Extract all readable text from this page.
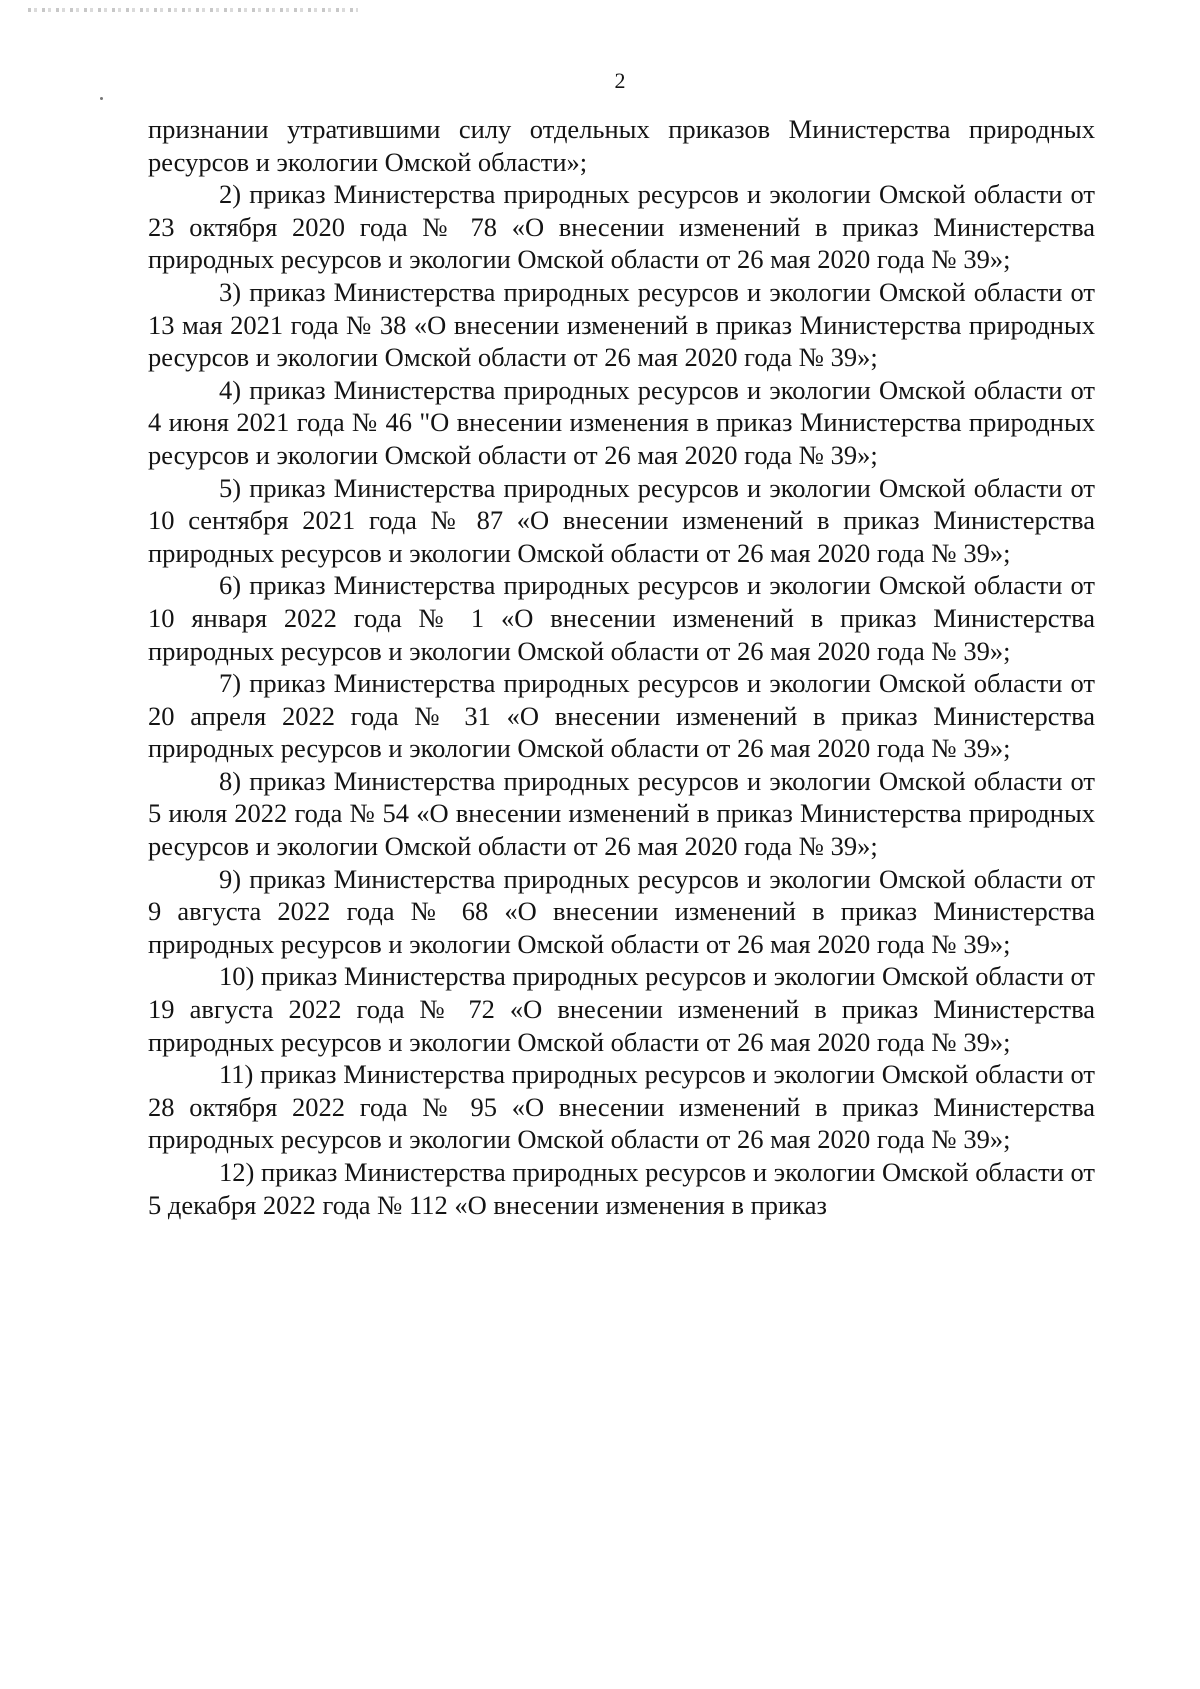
2

признании утратившими силу отдельных приказов Министерства природных ресурсов и экологии Омской области»;

2) приказ Министерства природных ресурсов и экологии Омской области от 23 октября 2020 года № 78 «О внесении изменений в приказ Министерства природных ресурсов и экологии Омской области от 26 мая 2020 года № 39»;

3) приказ Министерства природных ресурсов и экологии Омской области от 13 мая 2021 года № 38 «О внесении изменений в приказ Министерства природных ресурсов и экологии Омской области от 26 мая 2020 года № 39»;

4) приказ Министерства природных ресурсов и экологии Омской области от 4 июня 2021 года № 46 "О внесении изменения в приказ Министерства природных ресурсов и экологии Омской области от 26 мая 2020 года № 39»;

5) приказ Министерства природных ресурсов и экологии Омской области от 10 сентября 2021 года № 87 «О внесении изменений в приказ Министерства природных ресурсов и экологии Омской области от 26 мая 2020 года № 39»;

6) приказ Министерства природных ресурсов и экологии Омской области от 10 января 2022 года № 1 «О внесении изменений в приказ Министерства природных ресурсов и экологии Омской области от 26 мая 2020 года № 39»;

7) приказ Министерства природных ресурсов и экологии Омской области от 20 апреля 2022 года № 31 «О внесении изменений в приказ Министерства природных ресурсов и экологии Омской области от 26 мая 2020 года № 39»;

8) приказ Министерства природных ресурсов и экологии Омской области от 5 июля 2022 года № 54 «О внесении изменений в приказ Министерства природных ресурсов и экологии Омской области от 26 мая 2020 года № 39»;

9) приказ Министерства природных ресурсов и экологии Омской области от 9 августа 2022 года № 68 «О внесении изменений в приказ Министерства природных ресурсов и экологии Омской области от 26 мая 2020 года № 39»;

10) приказ Министерства природных ресурсов и экологии Омской области от 19 августа 2022 года № 72 «О внесении изменений в приказ Министерства природных ресурсов и экологии Омской области от 26 мая 2020 года № 39»;

11) приказ Министерства природных ресурсов и экологии Омской области от 28 октября 2022 года № 95 «О внесении изменений в приказ Министерства природных ресурсов и экологии Омской области от 26 мая 2020 года № 39»;

12) приказ Министерства природных ресурсов и экологии Омской области от 5 декабря 2022 года № 112 «О внесении изменения в приказ
